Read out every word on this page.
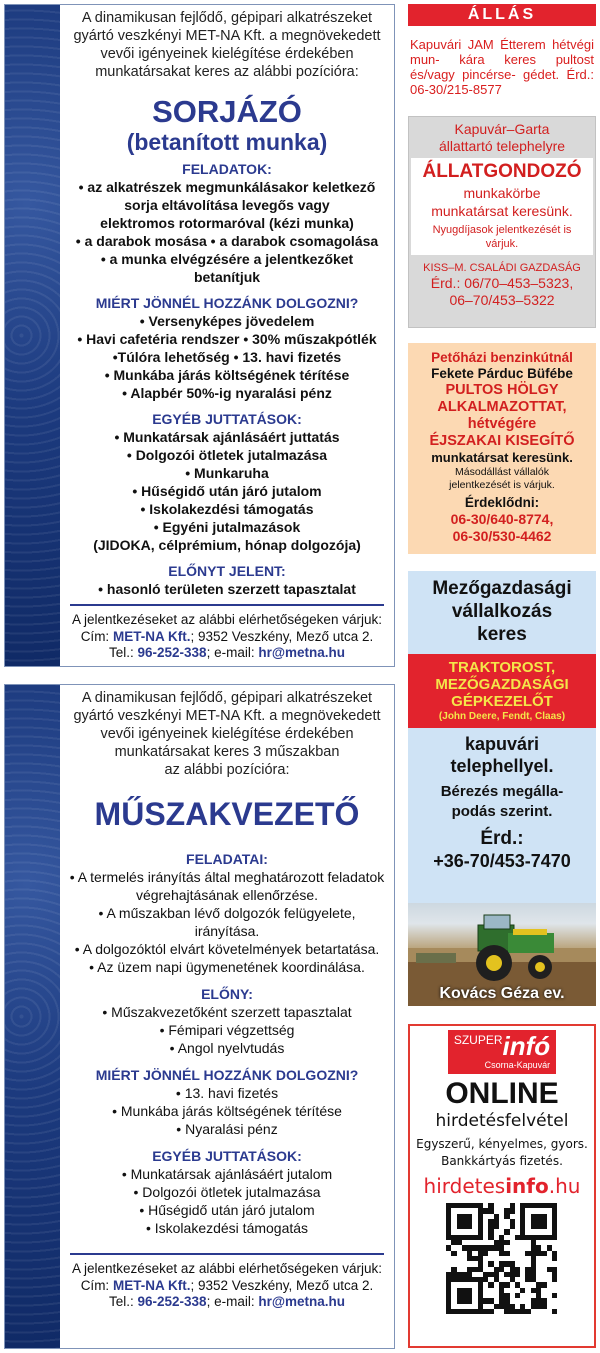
A dinamikusan fejlődő, gépipari alkatrészeket
gyártó veszkényi MET-NA Kft. a megnövekedett
vevői igényeinek kielégítése érdekében
munkatársakat keres az alábbi pozícióra:
SORJÁZÓ
(betanított munka)
FELADATOK:
• az alkatrészek megmunkálásakor keletkező
sorja eltávolítása levegős vagy
elektromos rotormaróval (kézi munka)
• a darabok mosása • a darabok csomagolása
• a munka elvégzésére a jelentkezőket
betanítjuk
MIÉRT JÖNNÉL HOZZÁNK DOLGOZNI?
• Versenyképes jövedelem
• Havi cafetéria rendszer • 30% műszakpótlék
•Túlóra lehetőség • 13. havi fizetés
• Munkába járás költségének térítése
• Alapbér 50%-ig nyaralási pénz
EGYÉB JUTTATÁSOK:
• Munkatársak ajánlásáért juttatás
• Dolgozói ötletek jutalmazása
• Munkaruha
• Hűségidő után járó jutalom
• Iskolakezdési támogatás
• Egyéni jutalmazások
(JIDOKA, célprémium, hónap dolgozója)
ELŐNYT JELENT:
• hasonló területen szerzett tapasztalat
A jelentkezéseket az alábbi elérhetőségeken várjuk:
Cím: MET-NA Kft.; 9352 Veszkény, Mező utca 2.
Tel.: 96-252-338; e-mail: hr@metna.hu
A dinamikusan fejlődő, gépipari alkatrészeket
gyártó veszkényi MET-NA Kft. a megnövekedett
vevői igényeinek kielégítése érdekében
munkatársakat keres 3 műszakban
az alábbi pozícióra:
MŰSZAKVEZETŐ
FELADATAI:
• A termelés irányítás által meghatározott feladatok
végrehajtásának ellenőrzése.
• A műszakban lévő dolgozók felügyelete,
irányítása.
• A dolgozóktól elvárt követelmények betartatása.
• Az üzem napi ügymenetének koordinálása.
ELŐNY:
• Műszakvezetőként szerzett tapasztalat
• Fémipari végzettség
• Angol nyelvtudás
MIÉRT JÖNNÉL HOZZÁNK DOLGOZNI?
• 13. havi fizetés
• Munkába járás költségének térítése
• Nyaralási pénz
EGYÉB JUTTATÁSOK:
• Munkatársak ajánlásáért jutalom
• Dolgozói ötletek jutalmazása
• Hűségidő után járó jutalom
• Iskolakezdési támogatás
A jelentkezéseket az alábbi elérhetőségeken várjuk:
Cím: MET-NA Kft.; 9352 Veszkény, Mező utca 2.
Tel.: 96-252-338; e-mail: hr@metna.hu
ÁLLÁS
Kapuvári JAM Étterem hétvégi mun- kára keres pultost és/vagy pincérse- gédet. Érd.: 06-30/215-8577
Kapuvár–Garta
állattartó telephelyre
ÁLLATGONDOZÓ
munkakörbe
munkatársat keresünk.
Nyugdíjasok jelentkezését is
várjuk.
KISS–M. CSALÁDI GAZDASÁG
Érd.: 06/70–453–5323,
06–70/453–5322
Petőházi benzinkútnál
Fekete Párduc Büfébe
PULTOS HÖLGY
ALKALMAZOTTAT,
hétvégére
ÉJSZAKAI KISEGÍTŐ
munkatársat keresünk.
Másodállást vállalók
jelentkezését is várjuk.
Érdeklődni:
06-30/640-8774,
06-30/530-4462
Mezőgazdasági
vállalkozás
keres
TRAKTOROST,
MEZŐGAZDASÁGI
GÉPKEZELŐT
(John Deere, Fendt, Claas)
kapuvári
telephellyel.
Bérezés megálla-
podás szerint.
Érd.:
+36-70/453-7470
Kovács Géza ev.
$^{SZUPER}$infó
Csorna-Kapuvár
ONLINE
hirdetésfelvétel
Egyszerű, kényelmes, gyors.
Bankkártyás fizetés.
hirdetesinfo.hu
